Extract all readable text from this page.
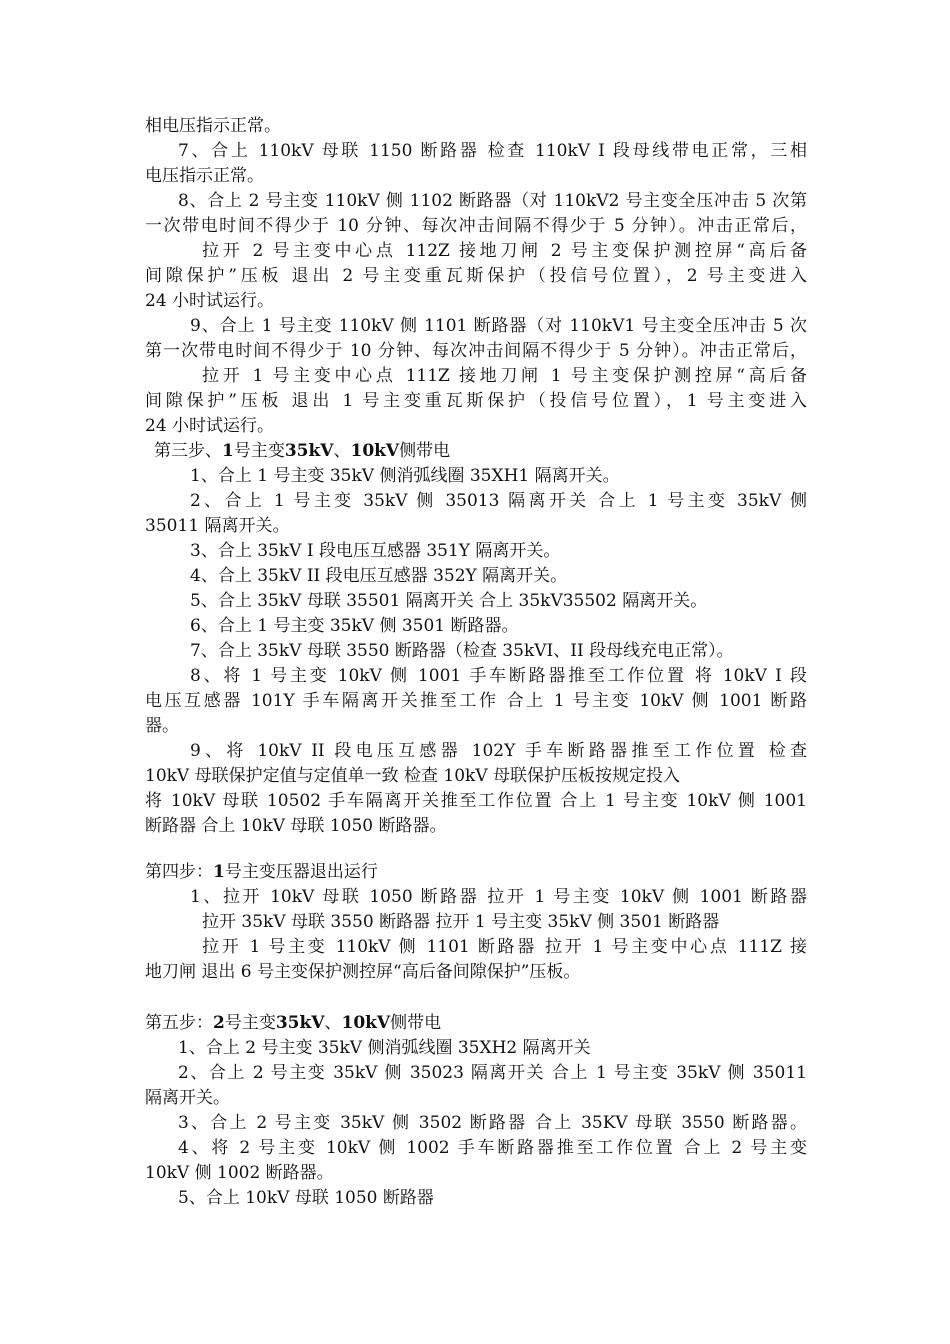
相电压指示正常。
7、合上 110kV 母联 1150 断路器 检查 110kV I 段母线带电正常，三相
电压指示正常。
8、合上 2 号主变 110kV 侧 1102 断路器（对 110kV2 号主变全压冲击 5 次第
一次带电时间不得少于 10 分钟、每次冲击间隔不得少于 5 分钟）。冲击正常后，
拉开 2 号主变中心点 112Z 接地刀闸 2 号主变保护测控屏“高后备
间隙保护”压板 退出 2 号主变重瓦斯保护（投信号位置），2 号主变进入
24 小时试运行。
9、合上 1 号主变 110kV 侧 1101 断路器（对 110kV1 号主变全压冲击 5 次
第一次带电时间不得少于 10 分钟、每次冲击间隔不得少于 5 分钟）。冲击正常后，
拉开 1 号主变中心点 111Z 接地刀闸 1 号主变保护测控屏“高后备
间隙保护”压板 退出 1 号主变重瓦斯保护（投信号位置），1 号主变进入
24 小时试运行。
第三步、1号主变35kV、10kV侧带电
1、合上 1 号主变 35kV 侧消弧线圈 35XH1 隔离开关。
2、合上 1 号主变 35kV 侧 35013 隔离开关 合上 1 号主变 35kV 侧
35011 隔离开关。
3、合上 35kV I 段电压互感器 351Y 隔离开关。
4、合上 35kV II 段电压互感器 352Y 隔离开关。
5、合上 35kV 母联 35501 隔离开关 合上 35kV35502 隔离开关。
6、合上 1 号主变 35kV 侧 3501 断路器。
7、合上 35kV 母联 3550 断路器（检查 35kVI、II 段母线充电正常）。
8、将 1 号主变 10kV 侧 1001 手车断路器推至工作位置 将 10kV I 段
电压互感器 101Y 手车隔离开关推至工作 合上 1 号主变 10kV 侧 1001 断路
器。
9、将 10kV II 段电压互感器 102Y 手车断路器推至工作位置 检查
10kV 母联保护定值与定值单一致 检查 10kV 母联保护压板按规定投入
将 10kV 母联 10502 手车隔离开关推至工作位置 合上 1 号主变 10kV 侧 1001
断路器 合上 10kV 母联 1050 断路器。
第四步：1号主变压器退出运行
1、拉开 10kV 母联 1050 断路器 拉开 1 号主变 10kV 侧 1001 断路器
拉开 35kV 母联 3550 断路器 拉开 1 号主变 35kV 侧 3501 断路器
拉开 1 号主变 110kV 侧 1101 断路器 拉开 1 号主变中心点 111Z 接
地刀闸 退出 6 号主变保护测控屏“高后备间隙保护”压板。
第五步：2号主变35kV、10kV侧带电
1、合上 2 号主变 35kV 侧消弧线圈 35XH2 隔离开关
2、合上 2 号主变 35kV 侧 35023 隔离开关 合上 1 号主变 35kV 侧 35011
隔离开关。
3、合上 2 号主变 35kV 侧 3502 断路器 合上 35KV 母联 3550 断路器。
4、将 2 号主变 10kV 侧 1002 手车断路器推至工作位置 合上 2 号主变
10kV 侧 1002 断路器。
5、合上 10kV 母联 1050 断路器
